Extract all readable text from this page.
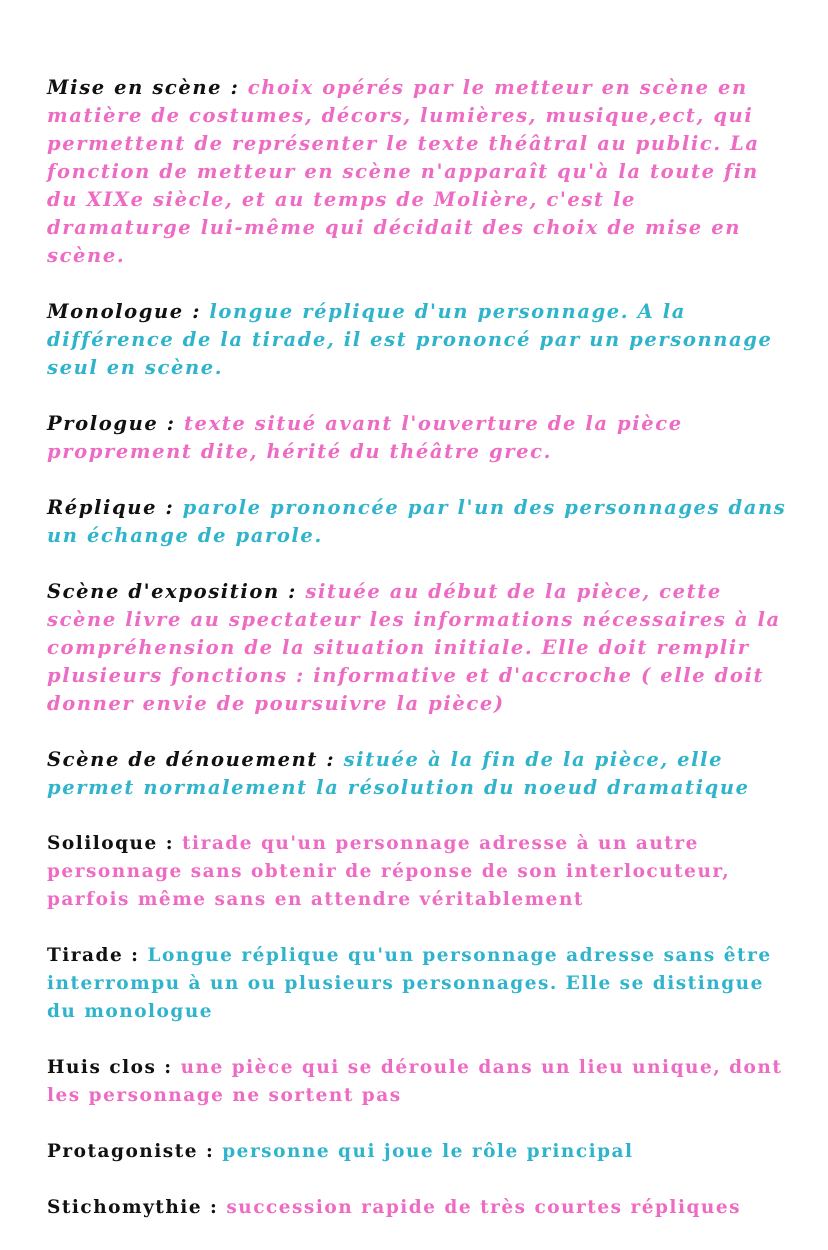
Mise en scène : choix opérés par le metteur en scène en matière de costumes, décors, lumières, musique,ect, qui permettent de représenter le texte théâtral au public. La fonction de metteur en scène n'apparaît qu'à la toute fin du XIXe siècle, et au temps de Molière, c'est le dramaturge lui-même qui décidait des choix de mise en scène.

Monologue : longue réplique d'un personnage. A la différence de la tirade, il est prononcé par un personnage seul en scène.

Prologue : texte situé avant l'ouverture de la pièce proprement dite, hérité du théâtre grec.

Réplique : parole prononcée par l'un des personnages dans un échange de parole.

Scène d'exposition : située au début de la pièce, cette scène livre au spectateur les informations nécessaires à la compréhension de la situation initiale. Elle doit remplir plusieurs fonctions : informative et d'accroche ( elle doit donner envie de poursuivre la pièce)

Scène de dénouement : située à la fin de la pièce, elle permet normalement la résolution du noeud dramatique

Soliloque : tirade qu'un personnage adresse à un autre personnage sans obtenir de réponse de son interlocuteur, parfois même sans en attendre véritablement

Tirade : Longue réplique qu'un personnage adresse sans être interrompu à un ou plusieurs personnages. Elle se distingue du monologue

Huis clos : une pièce qui se déroule dans un lieu unique, dont les personnage ne sortent pas

Protagoniste : personne qui joue le rôle principal

Stichomythie : succession rapide de très courtes répliques
